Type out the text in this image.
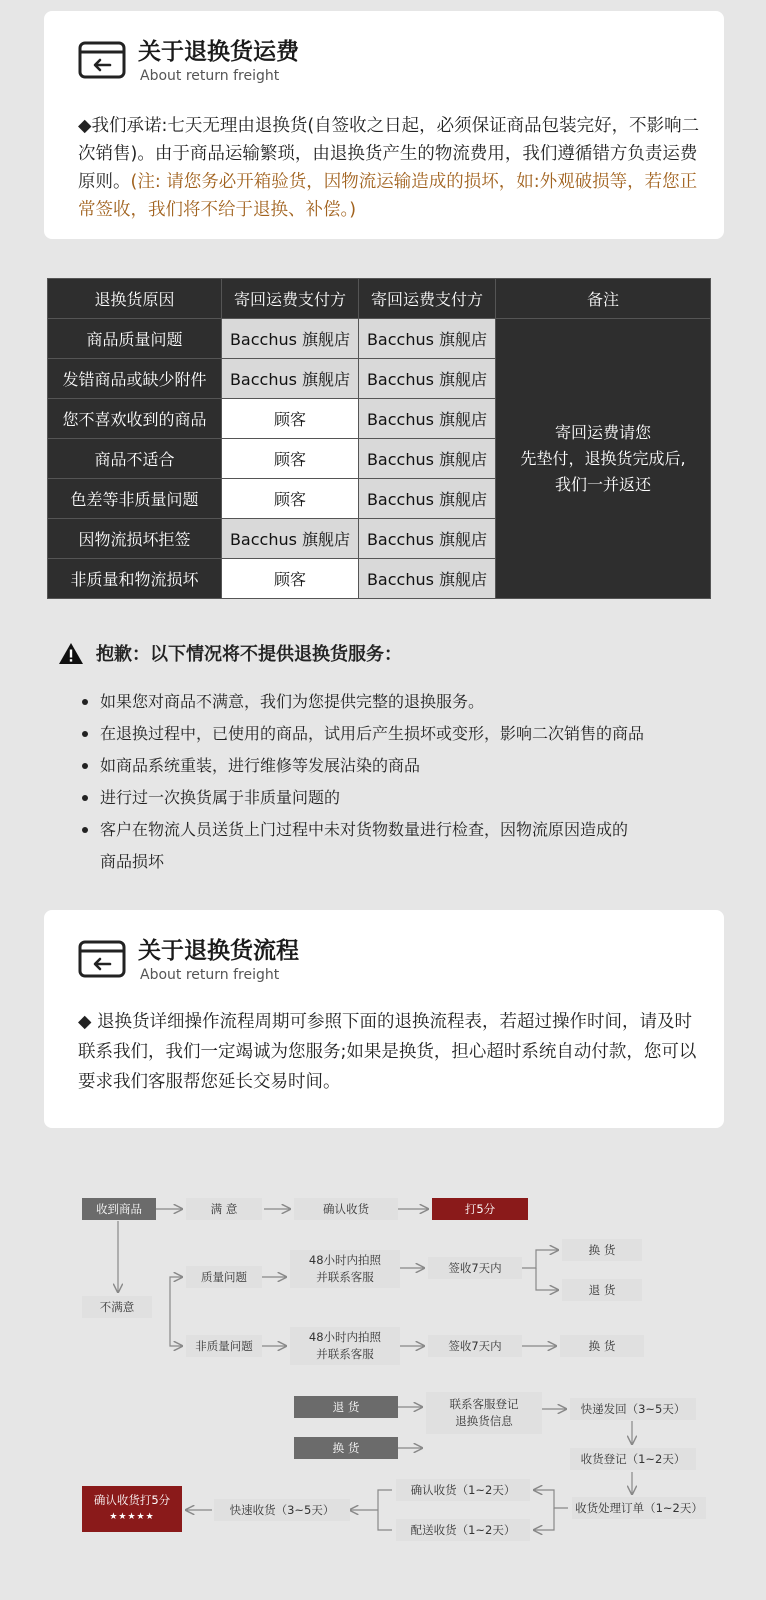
关于退换货运费
About return freight
◆我们承诺:七天无理由退换货(自签收之日起，必须保证商品包装完好，不影响二次销售)。由于商品运输繁琐，由退换货产生的物流费用，我们遵循错方负责运费原则。(注: 请您务必开箱验货，因物流运输造成的损坏，如:外观破损等，若您正常签收，我们将不给于退换、补偿。)
退换货原因	寄回运费支付方	寄回运费支付方	备注
商品质量问题	Bacchus 旗舰店	Bacchus 旗舰店	寄回运费请您
先垫付，退换货完成后,
我们一并返还
发错商品或缺少附件	Bacchus 旗舰店	Bacchus 旗舰店	
您不喜欢收到的商品	顾客	Bacchus 旗舰店	
商品不适合	顾客	Bacchus 旗舰店	
色差等非质量问题	顾客	Bacchus 旗舰店	
因物流损坏拒签	Bacchus 旗舰店	Bacchus 旗舰店	
非质量和物流损坏	顾客	Bacchus 旗舰店	
抱歉：以下情况将不提供退换货服务：
如果您对商品不满意，我们为您提供完整的退换服务。
在退换过程中，已使用的商品，试用后产生损坏或变形，影响二次销售的商品
如商品系统重装，进行维修等发展沾染的商品
进行过一次换货属于非质量问题的
客户在物流人员送货上门过程中未对货物数量进行检查，因物流原因造成的商品损坏
关于退换货流程
About return freight
◆ 退换货详细操作流程周期可参照下面的退换流程表，若超过操作时间，请及时联系我们，我们一定竭诚为您服务;如果是换货，担心超时系统自动付款，您可以要求我们客服帮您延长交易时间。
收到商品	满 意	确认收货	打5分
不满意
质量问题
非质量问题
48小时内拍照
并联系客服
48小时内拍照
并联系客服
签收7天内
签收7天内
换 货
退 货
换 货
退 货
换 货
联系客服登记
退换货信息
快递发回（3~5天）
收货登记（1~2天）
收货处理订单（1~2天）
确认收货（1~2天）
配送收货（1~2天）
快速收货（3~5天）
确认收货打5分
★★★★★
